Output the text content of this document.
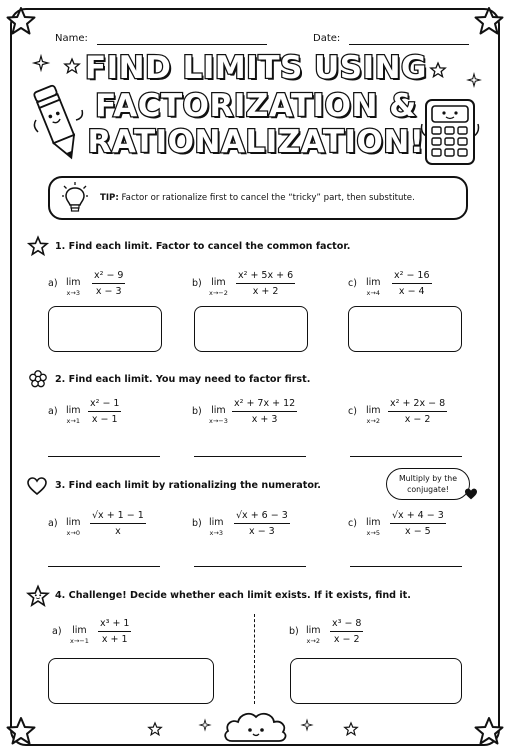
Name:	Date:
FIND LIMITS USING
FACTORIZATION &
RATIONALIZATION!
TIP: Factor or rationalize first to cancel the “tricky” part, then substitute.
1. Find each limit. Factor to cancel the common factor.
a) lim
$x\to 3 \frac{\text{x² − 9}}{x - 3}$	b) lim
$x\to-2 \frac{\text{x² + 5x + 6}}{x + 2}$	c) lim
$x\to 4 \frac{\text{x² − 16}}{x - 4}$
2. Find each limit. You may need to factor first.
a) lim
$x\to 1 \frac{\text{x² − 1}}{x - 1}$	b) lim
$x\to-3 \frac{\text{x² + 7x + 12}}{x + 3}$	c) lim
$x\to 2 \frac{\text{x² + 2x − 8}}{x - 2}$
3. Find each limit by rationalizing the numerator.
Multiply by the conjugate!
a) lim
$x\to 0 \frac{√x + 1 - 1}{x}$	b) lim
$x\to 3 \frac{√x + 6 - 3}{x - 3}$	c) lim
$x\to 5 \frac{√x + 4 - 3}{x - 5}$
4. Challenge! Decide whether each limit exists. If it exists, find it.
a) lim
$x\to-1 \frac{\text{x³ + 1}}{x + 1}$	b) lim
$x\to 2 \frac{\text{x³ − 8}}{x - 2}$
